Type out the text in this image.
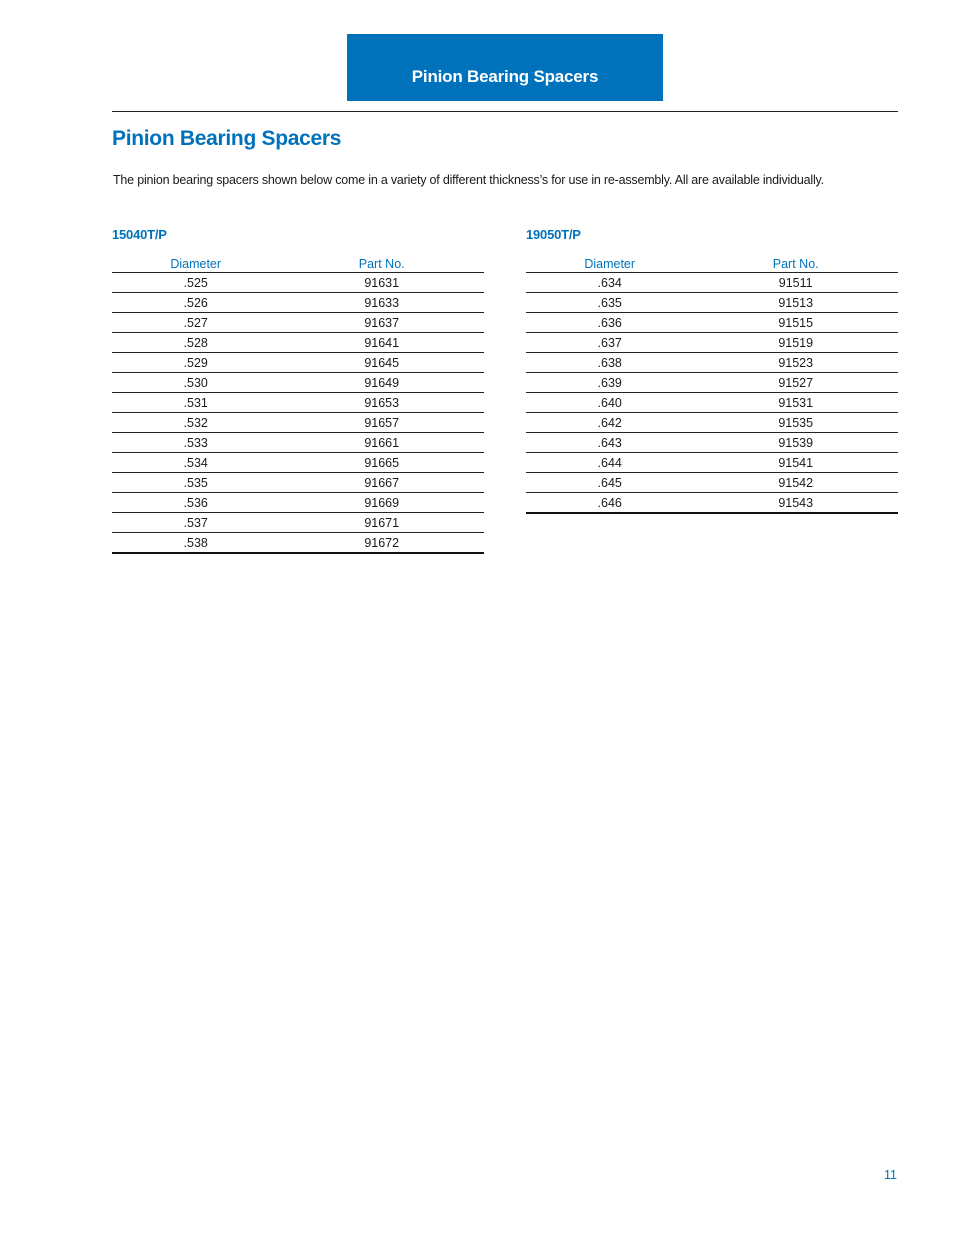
Pinion Bearing Spacers
Pinion Bearing Spacers

The pinion bearing spacers shown below come in a variety of different thickness’s for use in re-assembly. All are available individually.

15040T/P
Diameter	Part No.
.525	91631
.526	91633
.527	91637
.528	91641
.529	91645
.530	91649
.531	91653
.532	91657
.533	91661
.534	91665
.535	91667
.536	91669
.537	91671
.538	91672
19050T/P
Diameter	Part No.
.634	91511
.635	91513
.636	91515
.637	91519
.638	91523
.639	91527
.640	91531
.642	91535
.643	91539
.644	91541
.645	91542
.646	91543
11
